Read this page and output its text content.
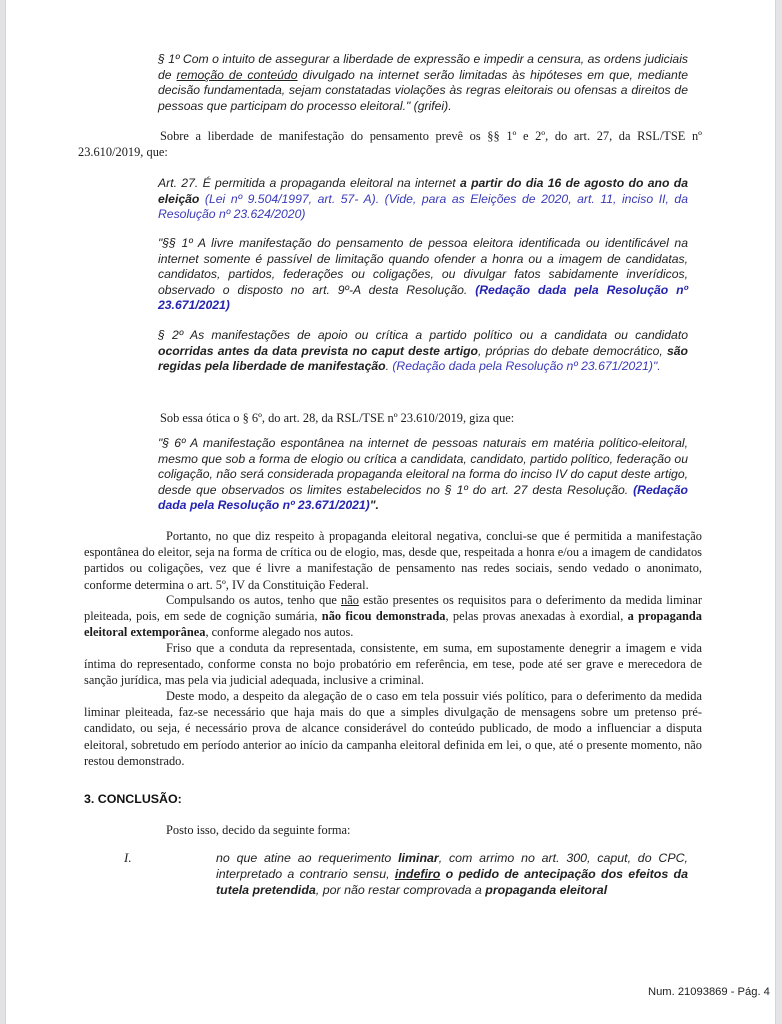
§ 1º Com o intuito de assegurar a liberdade de expressão e impedir a censura, as ordens judiciais de remoção de conteúdo divulgado na internet serão limitadas às hipóteses em que, mediante decisão fundamentada, sejam constatadas violações às regras eleitorais ou ofensas a direitos de pessoas que participam do processo eleitoral." (grifei).
Sobre a liberdade de manifestação do pensamento prevê os §§ 1º e 2º, do art. 27, da RSL/TSE nº 23.610/2019, que:
Art. 27. É permitida a propaganda eleitoral na internet a partir do dia 16 de agosto do ano da eleição (Lei nº 9.504/1997, art. 57- A). (Vide, para as Eleições de 2020, art. 11, inciso II, da Resolução nº 23.624/2020)
"§§ 1º A livre manifestação do pensamento de pessoa eleitora identificada ou identificável na internet somente é passível de limitação quando ofender a honra ou a imagem de candidatas, candidatos, partidos, federações ou coligações, ou divulgar fatos sabidamente inverídicos, observado o disposto no art. 9º-A desta Resolução. (Redação dada pela Resolução nº 23.671/2021)
§ 2º As manifestações de apoio ou crítica a partido político ou a candidata ou candidato ocorridas antes da data prevista no caput deste artigo, próprias do debate democrático, são regidas pela liberdade de manifestação. (Redação dada pela Resolução nº 23.671/2021)".
Sob essa ótica o § 6º, do art. 28, da RSL/TSE nº 23.610/2019, giza que:
"§ 6º A manifestação espontânea na internet de pessoas naturais em matéria político-eleitoral, mesmo que sob a forma de elogio ou crítica a candidata, candidato, partido político, federação ou coligação, não será considerada propaganda eleitoral na forma do inciso IV do caput deste artigo, desde que observados os limites estabelecidos no § 1º do art. 27 desta Resolução. (Redação dada pela Resolução nº 23.671/2021)".
Portanto, no que diz respeito à propaganda eleitoral negativa, conclui-se que é permitida a manifestação espontânea do eleitor, seja na forma de crítica ou de elogio, mas, desde que, respeitada a honra e/ou a imagem de candidatos partidos ou coligações, vez que é livre a manifestação de pensamento nas redes sociais, sendo vedado o anonimato, conforme determina o art. 5º, IV da Constituição Federal.
Compulsando os autos, tenho que não estão presentes os requisitos para o deferimento da medida liminar pleiteada, pois, em sede de cognição sumária, não ficou demonstrada, pelas provas anexadas à exordial, a propaganda eleitoral extemporânea, conforme alegado nos autos.
Friso que a conduta da representada, consistente, em suma, em supostamente denegrir a imagem e vida íntima do representado, conforme consta no bojo probatório em referência, em tese, pode até ser grave e merecedora de sanção jurídica, mas pela via judicial adequada, inclusive a criminal.
Deste modo, a despeito da alegação de o caso em tela possuir viés político, para o deferimento da medida liminar pleiteada, faz-se necessário que haja mais do que a simples divulgação de mensagens sobre um pretenso pré-candidato, ou seja, é necessário prova de alcance considerável do conteúdo publicado, de modo a influenciar a disputa eleitoral, sobretudo em período anterior ao início da campanha eleitoral definida em lei, o que, até o presente momento, não restou demonstrado.
3. CONCLUSÃO:
Posto isso, decido da seguinte forma:
I.	no que atine ao requerimento liminar, com arrimo no art. 300, caput, do CPC, interpretado a contrario sensu, indefiro o pedido de antecipação dos efeitos da tutela pretendida, por não restar comprovada a propaganda eleitoral
Num. 21093869 - Pág. 4
